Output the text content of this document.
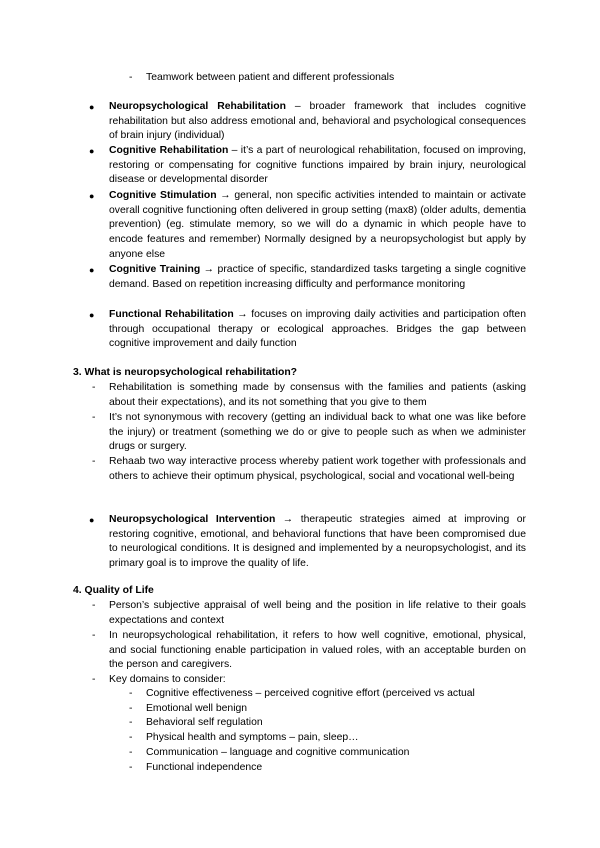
- Teamwork between patient and different professionals
● Neuropsychological Rehabilitation – broader framework that includes cognitive rehabilitation but also address emotional and, behavioral and psychological consequences of brain injury (individual)
● Cognitive Rehabilitation – it’s a part of neurological rehabilitation, focused on improving, restoring or compensating for cognitive functions impaired by brain injury, neurological disease or developmental disorder
● Cognitive Stimulation → general, non specific activities intended to maintain or activate overall cognitive functioning often delivered in group setting (max8) (older adults, dementia prevention) (eg. stimulate memory, so we will do a dynamic in which people have to encode features and remember) Normally designed by a neuropsychologist but apply by anyone else
● Cognitive Training → practice of specific, standardized tasks targeting a single cognitive demand. Based on repetition increasing difficulty and performance monitoring
● Functional Rehabilitation → focuses on improving daily activities and participation often through occupational therapy or ecological approaches. Bridges the gap between cognitive improvement and daily function
3. What is neuropsychological rehabilitation?
- Rehabilitation is something made by consensus with the families and patients (asking about their expectations), and its not something that you give to them
- It’s not synonymous with recovery (getting an individual back to what one was like before the injury) or treatment (something we do or give to people such as when we administer drugs or surgery.
- Rehaab two way interactive process whereby patient work together with professionals and others to achieve their optimum physical, psychological, social and vocational well-being
● Neuropsychological Intervention → therapeutic strategies aimed at improving or restoring cognitive, emotional, and behavioral functions that have been compromised due to neurological conditions. It is designed and implemented by a neuropsychologist, and its primary goal is to improve the quality of life.
4. Quality of Life
- Person’s subjective appraisal of well being and the position in life relative to their goals expectations and context
- In neuropsychological rehabilitation, it refers to how well cognitive, emotional, physical, and social functioning enable participation in valued roles, with an acceptable burden on the person and caregivers.
- Key domains to consider:
- Cognitive effectiveness – perceived cognitive effort (perceived vs actual
- Emotional well benign
- Behavioral self regulation
- Physical health and symptoms – pain, sleep…
- Communication – language and cognitive communication
- Functional independence
